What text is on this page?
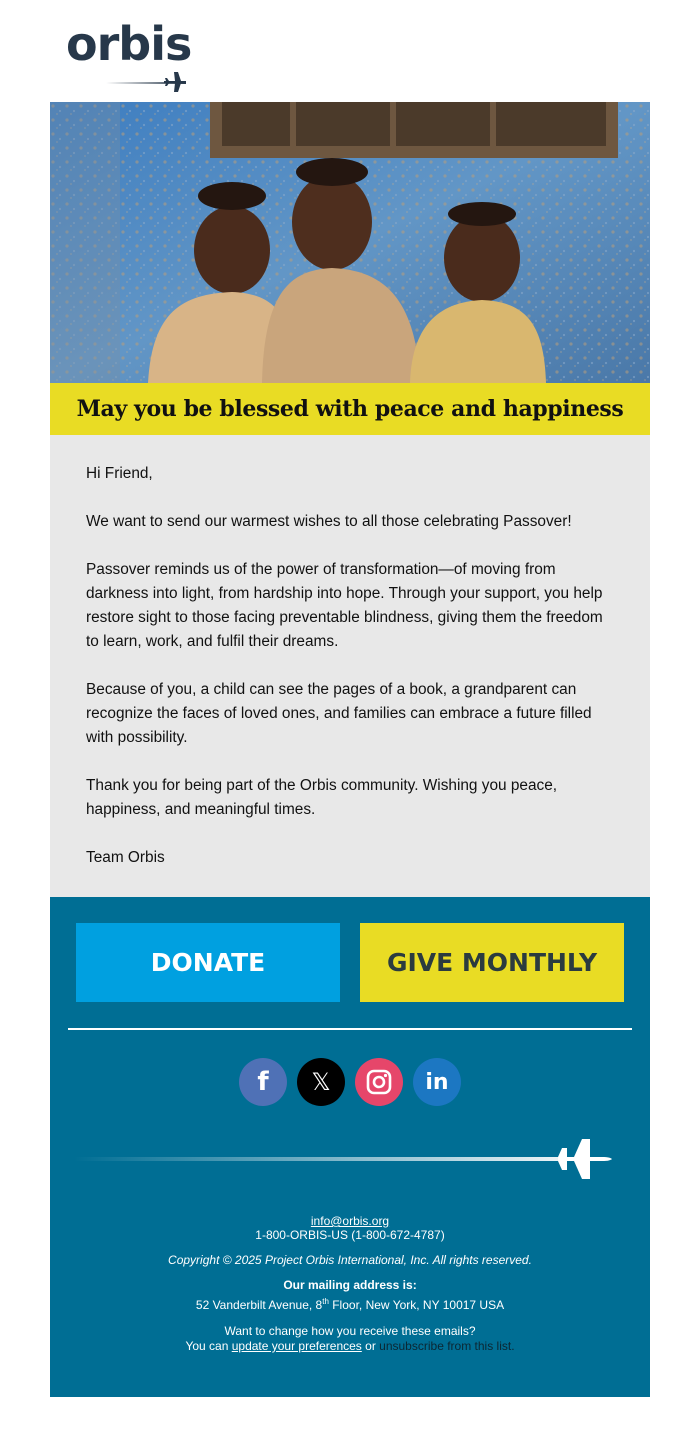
orbis
May you be blessed with peace and happiness

Hi Friend,

We want to send our warmest wishes to all those celebrating Passover!

Passover reminds us of the power of transformation—of moving from darkness into light, from hardship into hope. Through your support, you help restore sight to those facing preventable blindness, giving them the freedom to learn, work, and fulfil their dreams.

Because of you, a child can see the pages of a book, a grandparent can recognize the faces of loved ones, and families can embrace a future filled with possibility.

Thank you for being part of the Orbis community. Wishing you peace, happiness, and meaningful times.

Team Orbis

DONATE	GIVE MONTHLY
f 𝕏	in
info@orbis.org
1-800-ORBIS-US (1-800-672-4787)
Copyright © 2025 Project Orbis International, Inc. All rights reserved.
Our mailing address is:
52 Vanderbilt Avenue, 8th Floor, New York, NY 10017 USA
Want to change how you receive these emails?
You can update your preferences or unsubscribe from this list.
